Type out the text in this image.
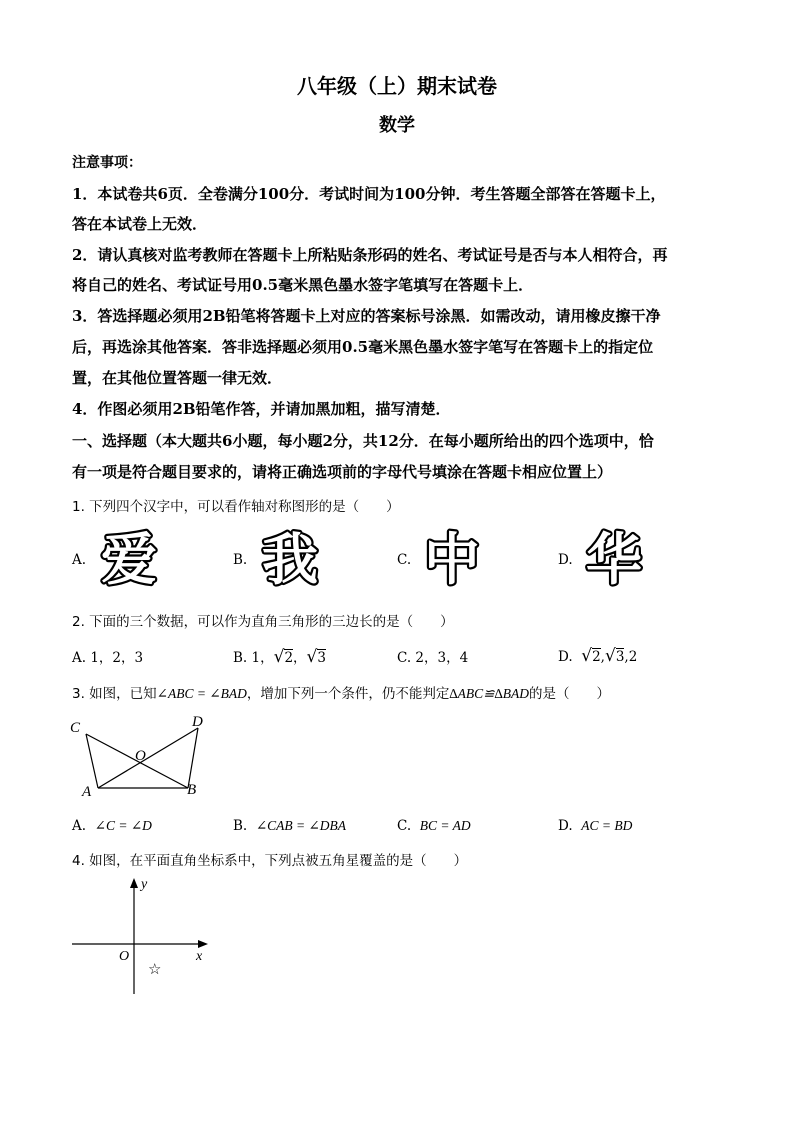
八年级（上）期末试卷
数学
注意事项：
1．本试卷共6页．全卷满分100分．考试时间为100分钟．考生答题全部答在答题卡上，
答在本试卷上无效．
2．请认真核对监考教师在答题卡上所粘贴条形码的姓名、考试证号是否与本人相符合，再
将自己的姓名、考试证号用0.5毫米黑色墨水签字笔填写在答题卡上．
3．答选择题必须用2B铅笔将答题卡上对应的答案标号涂黑．如需改动，请用橡皮擦干净
后，再选涂其他答案．答非选择题必须用0.5毫米黑色墨水签字笔写在答题卡上的指定位
置，在其他位置答题一律无效．
4．作图必须用2B铅笔作答，并请加黑加粗，描写清楚．
一、选择题（本大题共6小题，每小题2分，共12分．在每小题所给出的四个选项中，恰
有一项是符合题目要求的，请将正确选项前的字母代号填涂在答题卡相应位置上）
1. 下列四个汉字中，可以看作轴对称图形的是（　　）
A. 爱	B. 我	C. 中	D. 华
2. 下面的三个数据，可以作为直角三角形的三边长的是（　　）
A. 1，2，3	B. 1，√2，√3	C. 2，3，4	D. √2,√3,2
3. 如图，已知∠ABC = ∠BAD，增加下列一个条件，仍不能判定∆ABC≌∆BAD的是（　　）
C	D
O
A	B
A. ∠C = ∠D	B. ∠CAB = ∠DBA	C. BC = AD	D. AC = BD
4. 如图，在平面直角坐标系中，下列点被五角星覆盖的是（　　）
y
x
O
☆
